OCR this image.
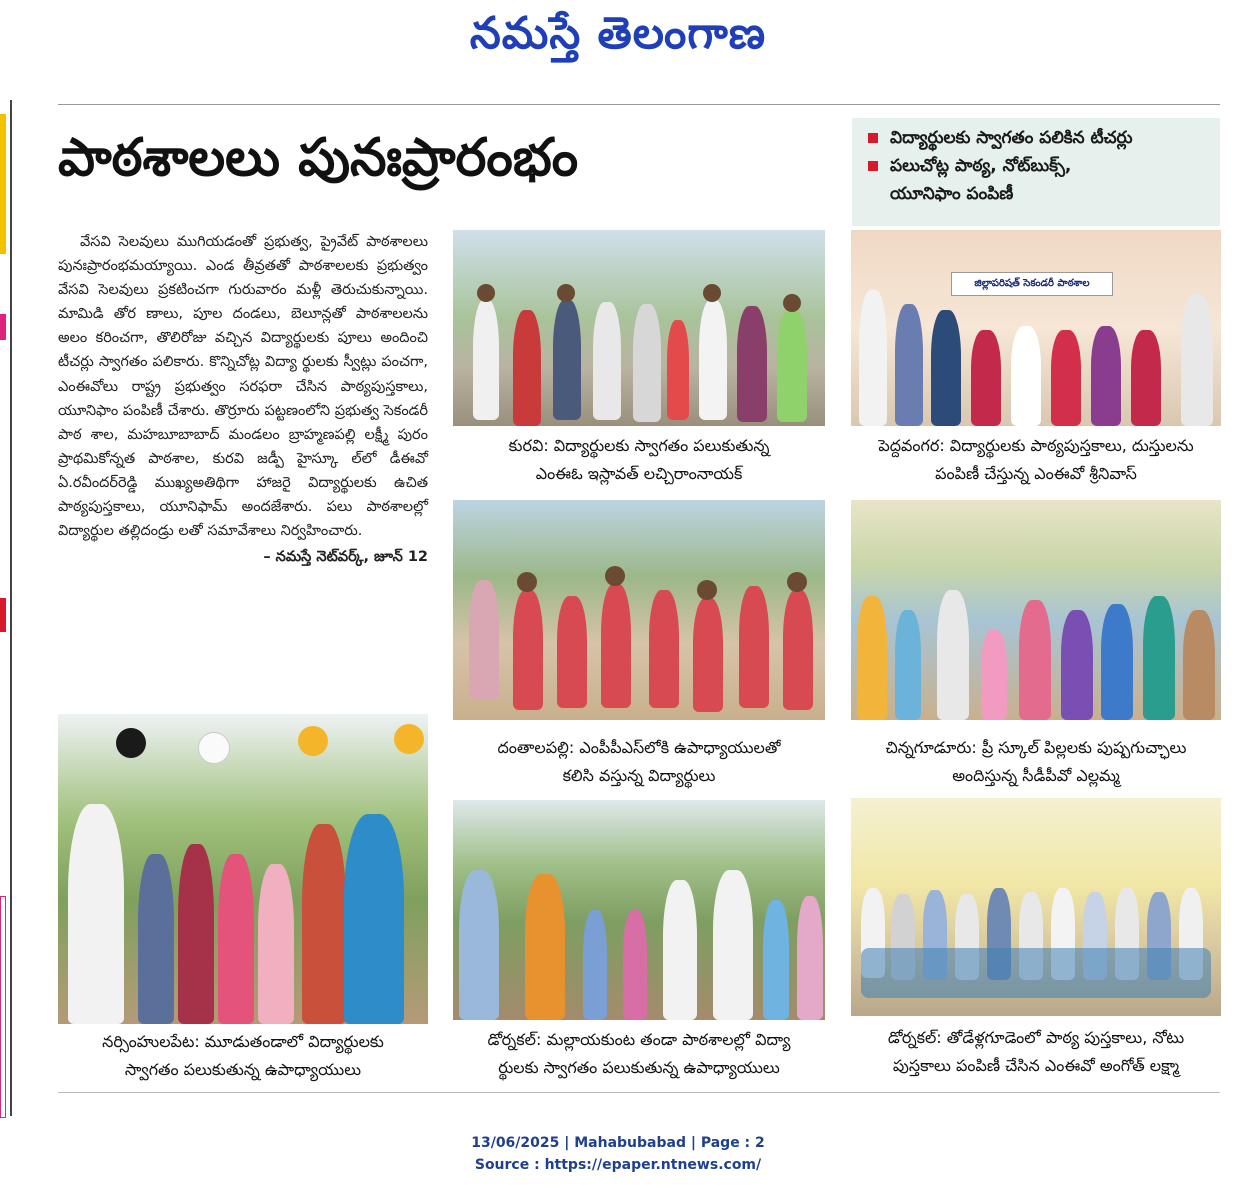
నమస్తే తెలంగాణ
పాఠశాలలు పునఃప్రారంభం	విద్యార్థులకు స్వాగతం పలికిన టీచర్లు
పలుచోట్ల పాఠ్య, నోట్‌బుక్స్,
యూనిఫాం పంపిణీ

వేసవి సెలవులు ముగియడంతో ప్రభుత్వ, ప్రైవేట్ పాఠశాలలు పునఃప్రారంభమయ్యాయి. ఎండ తీవ్రతతో పాఠశాలలకు ప్రభుత్వం వేసవి సెలవులు ప్రకటించగా గురువారం మళ్లీ తెరుచుకున్నాయి. మామిడి తోర ణాలు, పూల దండలు, బెలూన్లతో పాఠశాలలను అలం కరించగా, తొలిరోజు వచ్చిన విద్యార్థులకు పూలు అందించి టీచర్లు స్వాగతం పలికారు. కొన్నిచోట్ల విద్యా ర్థులకు స్వీట్లు పంచగా, ఎంఈవోలు రాష్ట్ర ప్రభుత్వం సరఫరా చేసిన పాఠ్యపుస్తకాలు, యూనిఫాం పంపిణీ చేశారు. తొర్రూరు పట్టణంలోని ప్రభుత్వ సెకండరీ పాఠ శాల, మహబూబాబాద్ మండలం బ్రాహ్మణపల్లి లక్ష్మీ పురం ప్రాథమికోన్నత పాఠశాల, కురవి జడ్పీ హైస్కూ ల్‌లో డీఈవో ఏ.రవీందర్‌రెడ్డి ముఖ్యఅతిథిగా హాజరై విద్యార్థులకు ఉచిత పాఠ్యపుస్తకాలు, యూనిఫామ్ అందజేశారు. పలు పాఠశాలల్లో విద్యార్థుల తల్లిదండ్రు లతో సమావేశాలు నిర్వహించారు.

– నమస్తే నెట్‌వర్క్, జూన్ 12
కురవి: విద్యార్థులకు స్వాగతం పలుకుతున్న
ఎంఈఓ ఇస్లావత్ లచ్చిరాంనాయక్
జిల్లాపరిషత్ సెకండరీ పాఠశాల
పెద్దవంగర: విద్యార్థులకు పాఠ్యపుస్తకాలు, దుస్తులను
పంపిణీ చేస్తున్న ఎంఈవో శ్రీనివాస్
దంతాలపల్లి: ఎంపీపీఎస్‌లోకి ఉపాధ్యాయులతో
కలిసి వస్తున్న విద్యార్థులు
చిన్నగూడూరు: ప్రీ స్కూల్ పిల్లలకు పుష్పగుచ్ఛాలు
అందిస్తున్న సీడీపీవో ఎల్లమ్మ
నర్సింహులపేట: మూడుతండాలో విద్యార్థులకు
స్వాగతం పలుకుతున్న ఉపాధ్యాయులు
డోర్నకల్: మల్లాయకుంట తండా పాఠశాలల్లో విద్యా
ర్థులకు స్వాగతం పలుకుతున్న ఉపాధ్యాయులు
డోర్నకల్: తోడేళ్లగూడెంలో పాఠ్య పుస్తకాలు, నోటు
పుస్తకాలు పంపిణీ చేసిన ఎంఈవో అంగోత్ లక్ష్మా
13/06/2025 | Mahabubabad | Page : 2
Source : https://epaper.ntnews.com/
